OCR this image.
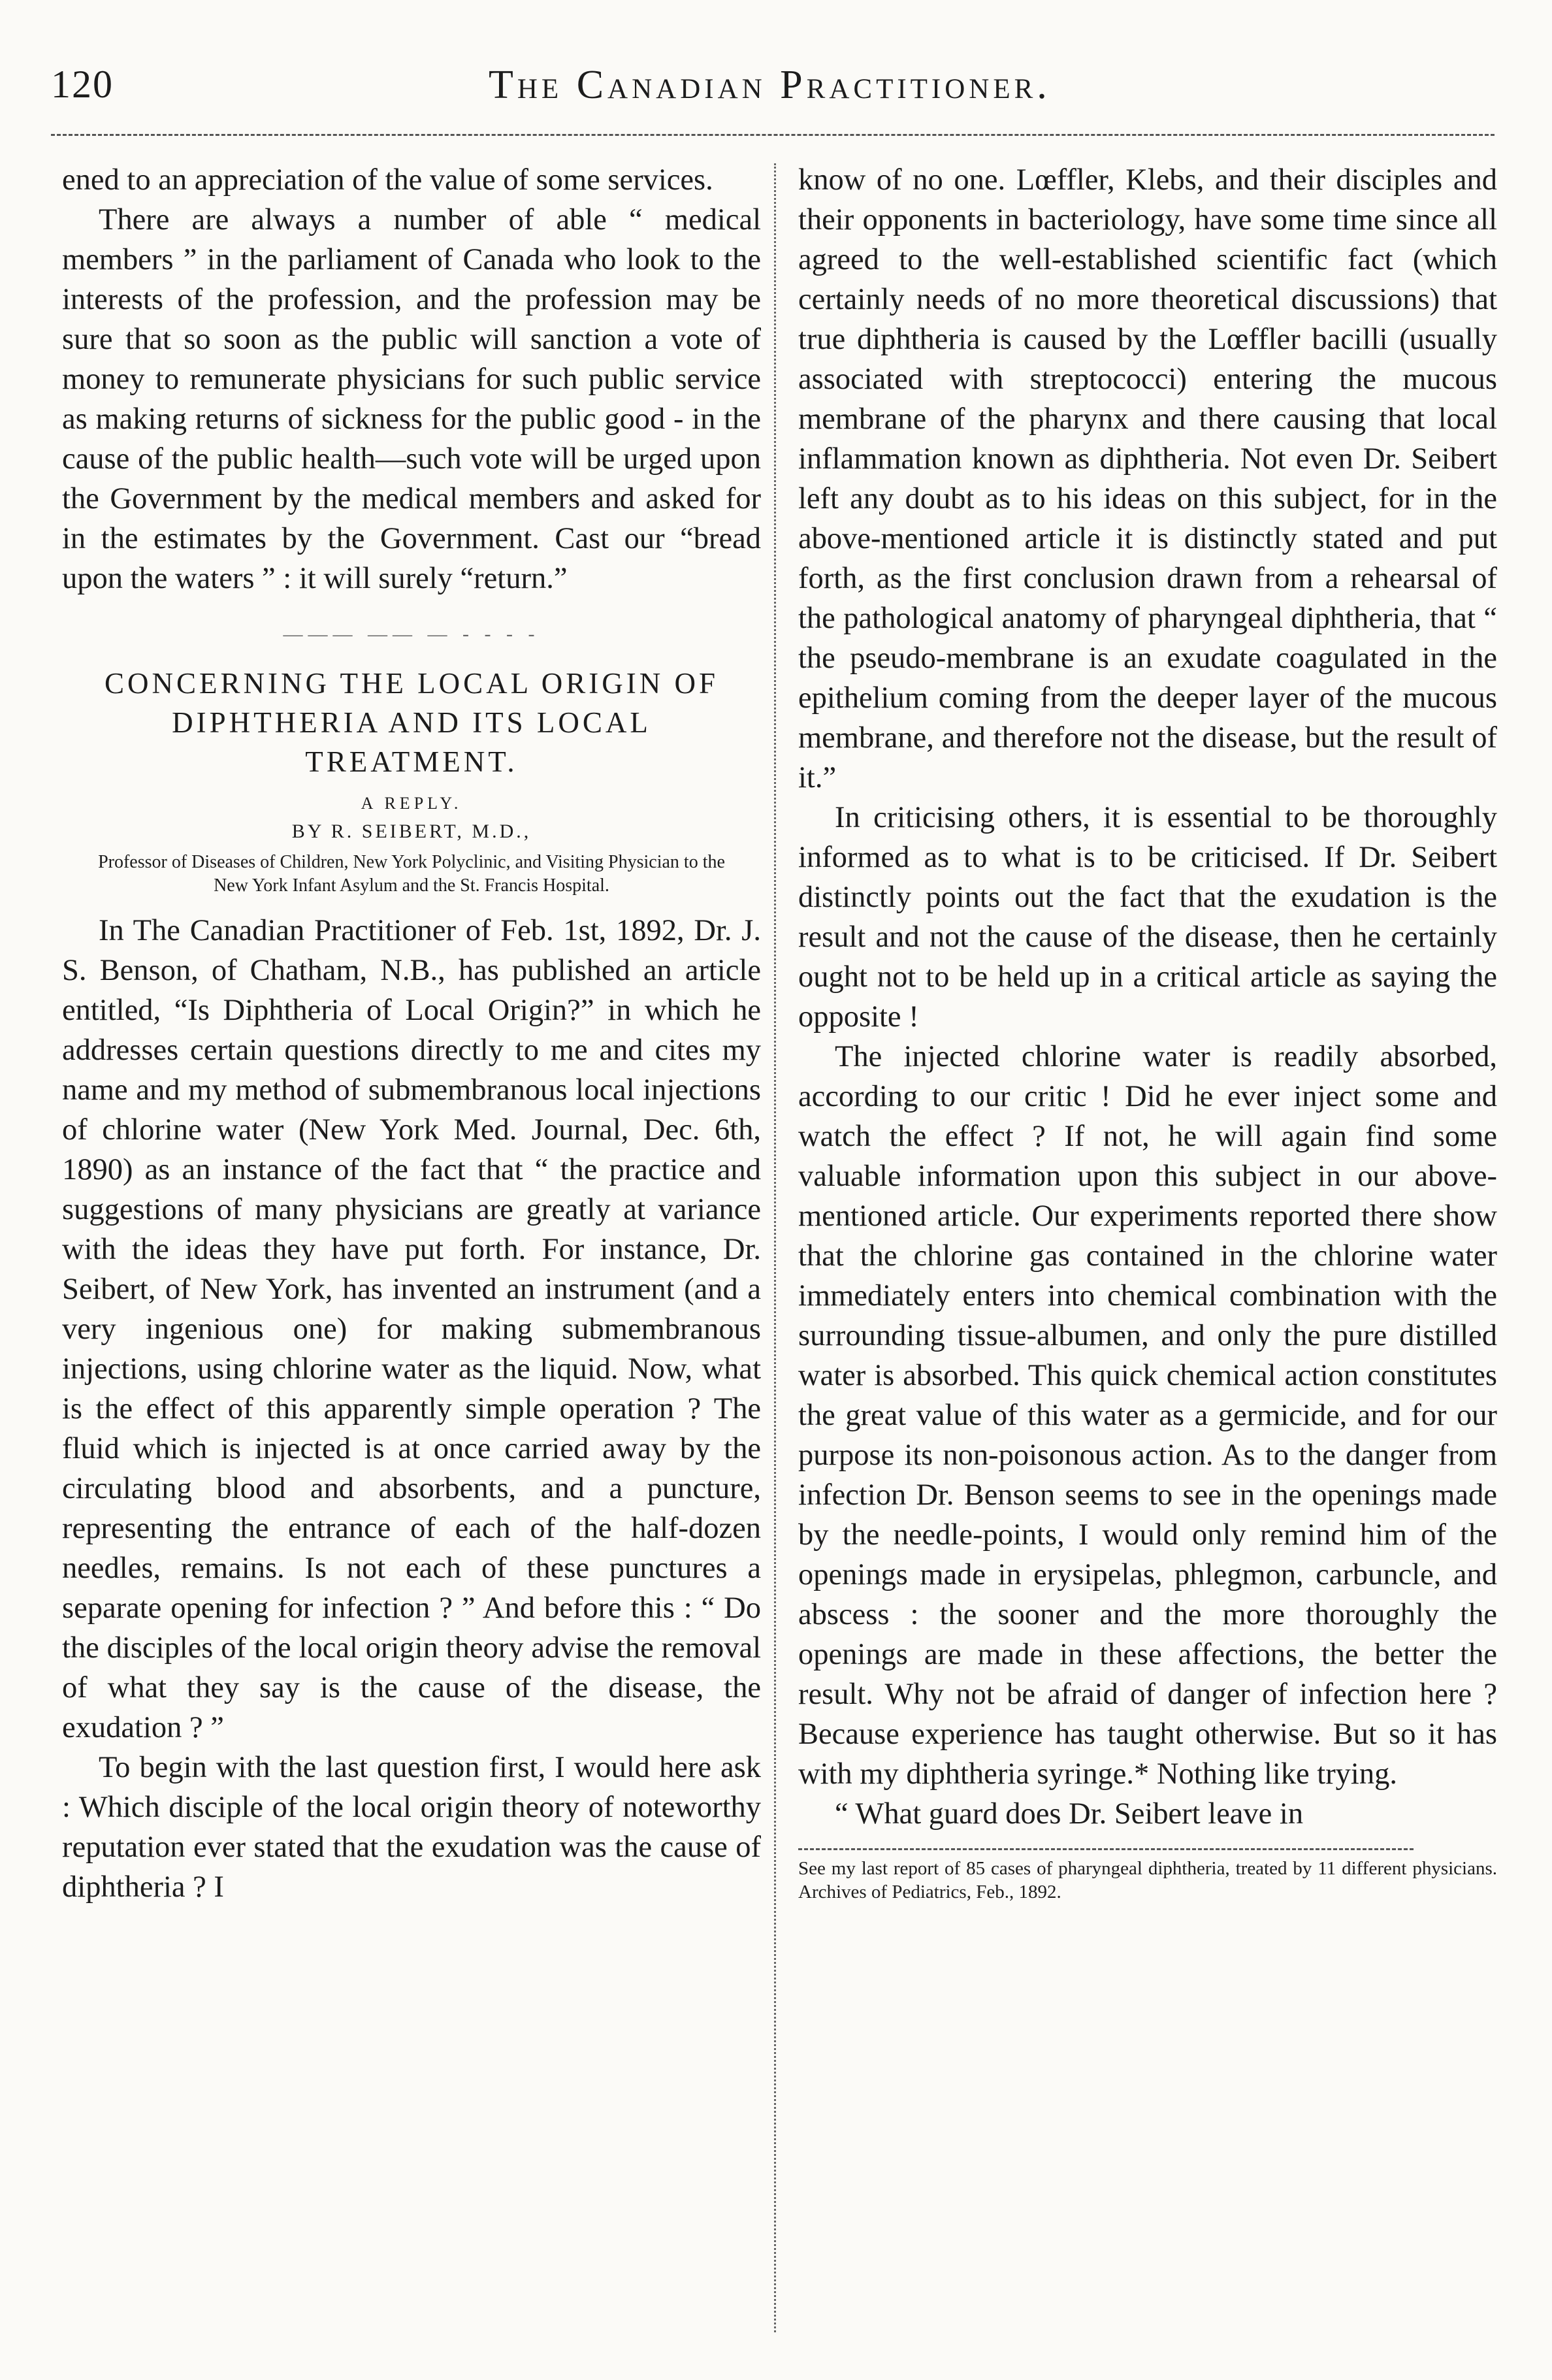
120	The Canadian Practitioner.

ened to an appreciation of the value of some services.

There are always a number of able “ medical members ” in the parliament of Canada who look to the interests of the profession, and the profession may be sure that so soon as the public will sanction a vote of money to remunerate physicians for such public service as making returns of sickness for the public good - in the cause of the public health—such vote will be urged upon the Government by the medical members and asked for in the estimates by the Government. Cast our “bread upon the waters ” : it will surely “return.”

——— —— — - - - -
CONCERNING THE LOCAL ORIGIN OF DIPHTHERIA AND ITS LOCAL TREATMENT.
A REPLY.
BY R. SEIBERT, M.D.,
Professor of Diseases of Children, New York Polyclinic, and Visiting Physician to the New York Infant Asylum and the St. Francis Hospital.

In The Canadian Practitioner of Feb. 1st, 1892, Dr. J. S. Benson, of Chatham, N.B., has published an article entitled, “Is Diphtheria of Local Origin?” in which he addresses certain questions directly to me and cites my name and my method of submembranous local injections of chlorine water (New York Med. Journal, Dec. 6th, 1890) as an instance of the fact that “ the practice and suggestions of many physicians are greatly at variance with the ideas they have put forth. For instance, Dr. Seibert, of New York, has invented an instrument (and a very ingenious one) for making submembranous injections, using chlorine water as the liquid. Now, what is the effect of this apparently simple operation ? The fluid which is injected is at once carried away by the circulating blood and absorbents, and a puncture, representing the entrance of each of the half-dozen needles, remains. Is not each of these punctures a separate opening for infection ? ” And before this : “ Do the disciples of the local origin theory advise the removal of what they say is the cause of the disease, the exudation ? ”

To begin with the last question first, I would here ask : Which disciple of the local origin theory of noteworthy reputation ever stated that the exudation was the cause of diphtheria ? I

know of no one. Lœffler, Klebs, and their disciples and their opponents in bacteriology, have some time since all agreed to the well-established scientific fact (which certainly needs of no more theoretical discussions) that true diphtheria is caused by the Lœffler bacilli (usually associated with streptococci) entering the mucous membrane of the pharynx and there causing that local inflammation known as diphtheria. Not even Dr. Seibert left any doubt as to his ideas on this subject, for in the above-mentioned article it is distinctly stated and put forth, as the first conclusion drawn from a rehearsal of the pathological anatomy of pharyngeal diphtheria, that “ the pseudo-membrane is an exudate coagulated in the epithelium coming from the deeper layer of the mucous membrane, and therefore not the disease, but the result of it.”

In criticising others, it is essential to be thoroughly informed as to what is to be criticised. If Dr. Seibert distinctly points out the fact that the exudation is the result and not the cause of the disease, then he certainly ought not to be held up in a critical article as saying the opposite !

The injected chlorine water is readily absorbed, according to our critic ! Did he ever inject some and watch the effect ? If not, he will again find some valuable information upon this subject in our above-mentioned article. Our experiments reported there show that the chlorine gas contained in the chlorine water immediately enters into chemical combination with the surrounding tissue-albumen, and only the pure distilled water is absorbed. This quick chemical action constitutes the great value of this water as a germicide, and for our purpose its non-poisonous action. As to the danger from infection Dr. Benson seems to see in the openings made by the needle-points, I would only remind him of the openings made in erysipelas, phlegmon, carbuncle, and abscess : the sooner and the more thoroughly the openings are made in these affections, the better the result. Why not be afraid of danger of infection here ? Because experience has taught otherwise. But so it has with my diphtheria syringe.* Nothing like trying.

“ What guard does Dr. Seibert leave in

See my last report of 85 cases of pharyngeal diphtheria, treated by 11 different physicians. Archives of Pediatrics, Feb., 1892.
